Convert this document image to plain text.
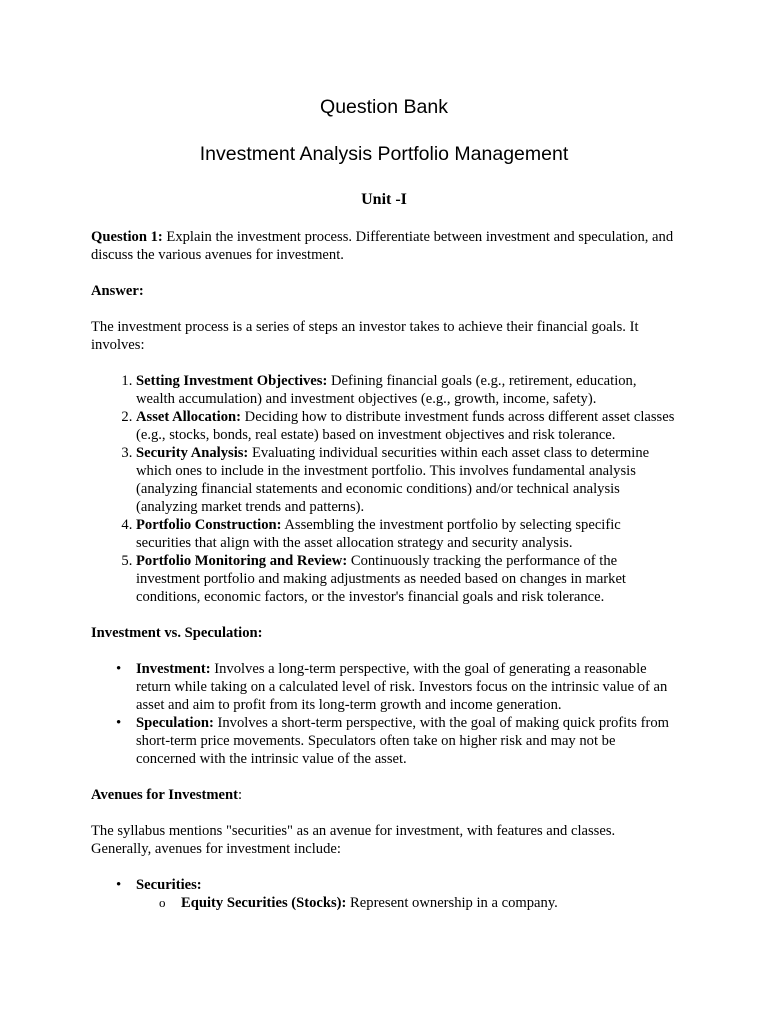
Question Bank
Investment Analysis Portfolio Management
Unit -I

Question 1: Explain the investment process. Differentiate between investment and speculation, and discuss the various avenues for investment.

Answer:

The investment process is a series of steps an investor takes to achieve their financial goals. It involves:

1. Setting Investment Objectives: Defining financial goals (e.g., retirement, education, wealth accumulation) and investment objectives (e.g., growth, income, safety).
2. Asset Allocation: Deciding how to distribute investment funds across different asset classes (e.g., stocks, bonds, real estate) based on investment objectives and risk tolerance.
3. Security Analysis: Evaluating individual securities within each asset class to determine which ones to include in the investment portfolio. This involves fundamental analysis (analyzing financial statements and economic conditions) and/or technical analysis (analyzing market trends and patterns).
4. Portfolio Construction: Assembling the investment portfolio by selecting specific securities that align with the asset allocation strategy and security analysis.
5. Portfolio Monitoring and Review: Continuously tracking the performance of the investment portfolio and making adjustments as needed based on changes in market conditions, economic factors, or the investor's financial goals and risk tolerance.

Investment vs. Speculation:

• Investment: Involves a long-term perspective, with the goal of generating a reasonable return while taking on a calculated level of risk. Investors focus on the intrinsic value of an asset and aim to profit from its long-term growth and income generation.
• Speculation: Involves a short-term perspective, with the goal of making quick profits from short-term price movements. Speculators often take on higher risk and may not be concerned with the intrinsic value of the asset.

Avenues for Investment:

The syllabus mentions "securities" as an avenue for investment, with features and classes. Generally, avenues for investment include:

• Securities:
o Equity Securities (Stocks): Represent ownership in a company.
